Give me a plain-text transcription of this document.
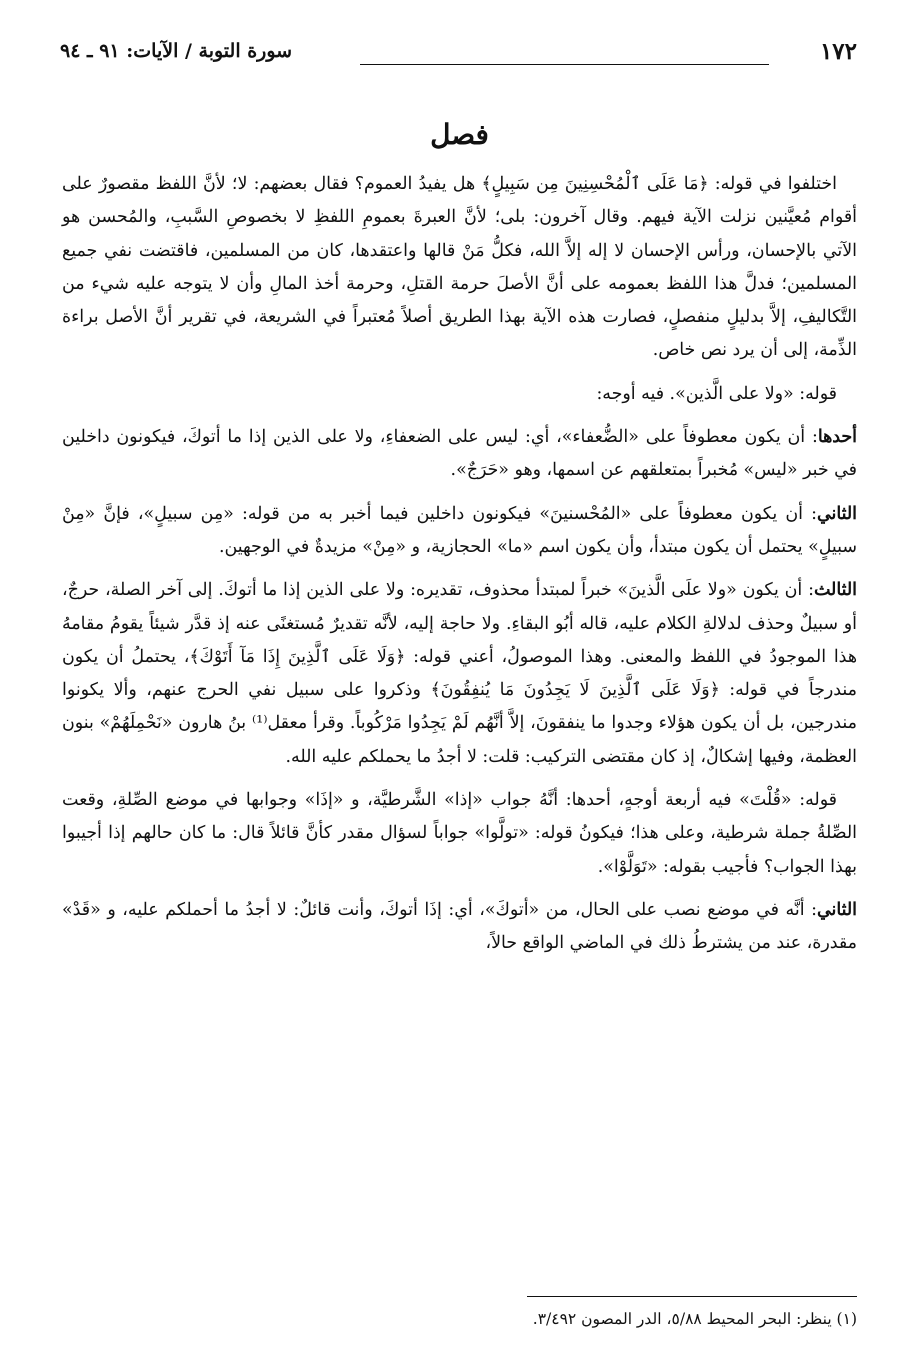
١٧٢
سورة التوبة / الآيات: ٩١ ـ ٩٤
فصل

اختلفوا في قوله: ﴿مَا عَلَى ٱلْمُحْسِنِينَ مِن سَبِيلٍ﴾ هل يفيدُ العموم؟ فقال بعضهم: لا؛ لأنَّ اللفظ مقصورٌ على أقوام مُعيَّنين نزلت الآية فيهم. وقال آخرون: بلى؛ لأنَّ العبرةَ بعمومِ اللفظِ لا بخصوصِ السَّببِ، والمُحسن هو الآتي بالإحسان، ورأس الإحسان لا إله إلاَّ الله، فكلُّ مَنْ قالها واعتقدها، كان من المسلمين، فاقتضت نفي جميع المسلمين؛ فدلَّ هذا اللفظ بعمومه على أنَّ الأصلَ حرمة القتلِ، وحرمة أخذ المالِ وأن لا يتوجه عليه شيء من التَّكاليفِ، إلاَّ بدليلٍ منفصلٍ، فصارت هذه الآية بهذا الطريق أصلاً مُعتبراً في الشريعة، في تقرير أنَّ الأصل براءة الذِّمة، إلى أن يرد نص خاص.

قوله: «ولا على الَّذين». فيه أوجه:

أحدها: أن يكون معطوفاً على «الضُّعفاء»، أي: ليس على الضعفاءِ، ولا على الذين إذا ما أتوكَ، فيكونون داخلين في خبر «ليس» مُخبراً بمتعلقهم عن اسمها، وهو «حَرَجٌ».

الثاني: أن يكون معطوفاً على «المُحْسنينَ» فيكونون داخلين فيما أخبر به من قوله: «مِن سبيلٍ»، فإنَّ «مِنْ سبيلٍ» يحتمل أن يكون مبتدأ، وأن يكون اسم «ما» الحجازية، و «مِنْ» مزيدةٌ في الوجهين.

الثالث: أن يكون «ولا علَى الَّذينَ» خبراً لمبتدأ محذوف، تقديره: ولا على الذين إذا ما أتوكَ. إلى آخر الصلة، حرجٌ، أو سبيلٌ وحذف لدلالةِ الكلام عليه، قاله أبُو البقاءِ. ولا حاجة إليه، لأنَّه تقديرٌ مُستغنًى عنه إذ قدَّر شيئاً يقومُ مقامهُ هذا الموجودُ في اللفظ والمعنى. وهذا الموصولُ، أعني قوله: ﴿وَلَا عَلَى ٱلَّذِينَ إِذَا مَآ أَتَوْكَ﴾، يحتملُ أن يكون مندرجاً في قوله: ﴿وَلَا عَلَى ٱلَّذِينَ لَا يَجِدُونَ مَا يُنفِقُونَ﴾ وذكروا على سبيل نفي الحرج عنهم، وألا يكونوا مندرجين، بل أن يكون هؤلاء وجدوا ما ينفقونَ، إلاَّ أنَّهُم لَمْ يَجِدُوا مَرْكُوباً. وقرأ معقل⁽¹⁾ بنُ هارون «نَحْمِلَهُمْ» بنون العظمة، وفيها إشكالٌ، إذ كان مقتضى التركيب: قلت: لا أجدُ ما يحملكم عليه الله.

قوله: «قُلْتَ» فيه أربعة أوجهٍ، أحدها: أنَّهُ جواب «إذا» الشَّرطيَّة، و «إذَا» وجوابها في موضع الصِّلةِ، وقعت الصِّلةُ جملة شرطية، وعلى هذا؛ فيكونُ قوله: «تولَّوا» جواباً لسؤال مقدر كأنَّ قائلاً قال: ما كان حالهم إذا أجيبوا بهذا الجواب؟ فأجيب بقوله: «تَوَلَّوْا».

الثاني: أنَّه في موضع نصب على الحال، من «أتوكَ»، أي: إذَا أتوكَ، وأنت قائلٌ: لا أجدُ ما أحملكم عليه، و «قَدْ» مقدرة، عند من يشترطُ ذلك في الماضي الواقع حالاً،

(١) ينظر: البحر المحيط ٥/٨٨، الدر المصون ٣/٤٩٢.
